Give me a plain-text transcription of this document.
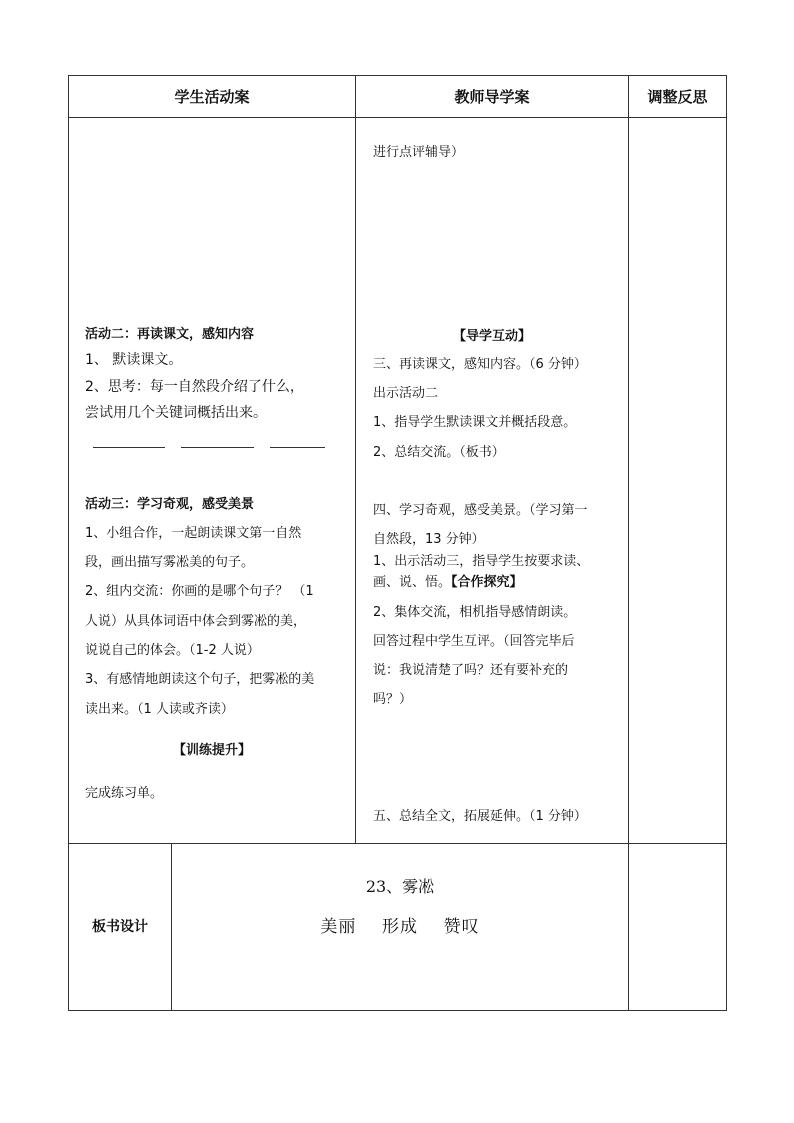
学生活动案	教师导学案	调整反思
活动二：再读课文，感知内容
1、 默读课文。
2、思考：每一自然段介绍了什么，
尝试用几个关键词概括出来。
活动三：学习奇观，感受美景
1、小组合作，一起朗读课文第一自然
段，画出描写雾凇美的句子。
2、组内交流：你画的是哪个句子？ （1
人说）从具体词语中体会到雾凇的美，
说说自己的体会。（1-2 人说）
3、有感情地朗读这个句子，把雾凇的美
读出来。（1 人读或齐读）
【训练提升】
完成练习单。
进行点评辅导）
【导学互动】
三、再读课文，感知内容。（6 分钟）
出示活动二
1、指导学生默读课文并概括段意。
2、总结交流。（板书）
四、学习奇观，感受美景。（学习第一
自然段，13 分钟）
1、出示活动三，指导学生按要求读、
画、说、悟。【合作探究】
2、集体交流，相机指导感情朗读。
回答过程中学生互评。（回答完毕后
说：我说清楚了吗？还有要补充的
吗？）
五、总结全文，拓展延伸。（1 分钟）
板书设计
23、雾凇
美丽    形成    赞叹
